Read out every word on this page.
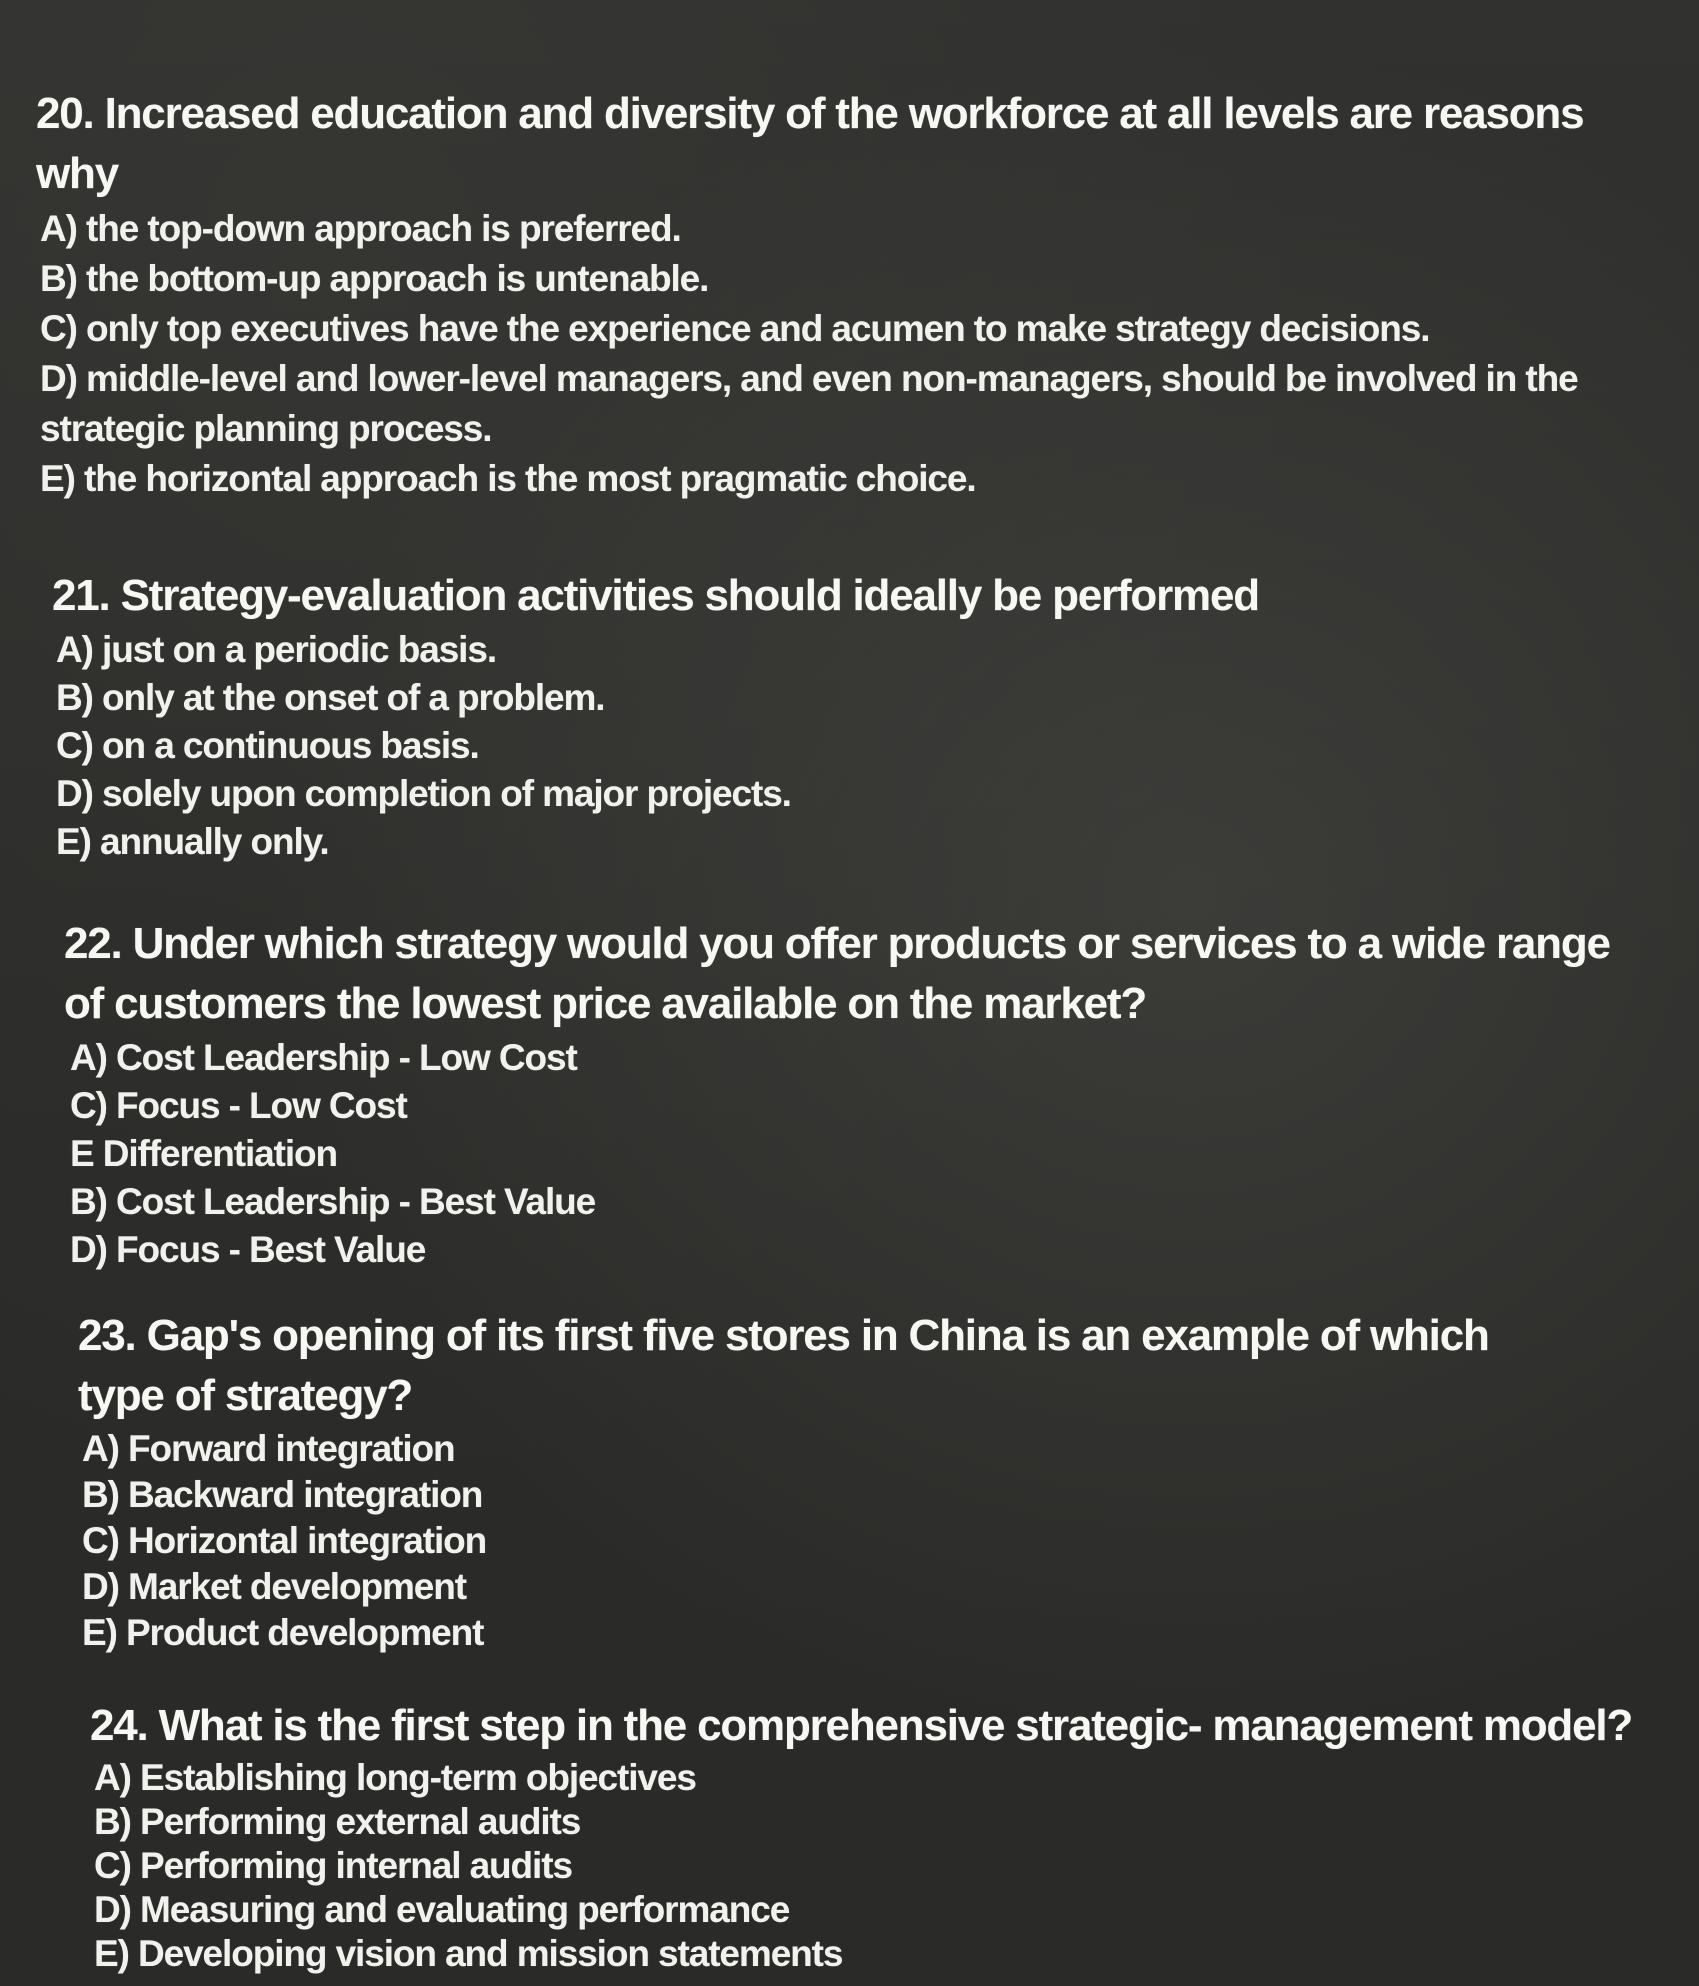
20. Increased education and diversity of the workforce at all levels are reasons why

A) the top-down approach is preferred.
B) the bottom-up approach is untenable.
C) only top executives have the experience and acumen to make strategy decisions.
D) middle-level and lower-level managers, and even non-managers, should be involved in the strategic planning process.
E) the horizontal approach is the most pragmatic choice.

21. Strategy-evaluation activities should ideally be performed

A) just on a periodic basis.
B) only at the onset of a problem.
C) on a continuous basis.
D) solely upon completion of major projects.
E) annually only.

22. Under which strategy would you offer products or services to a wide range of customers the lowest price available on the market?

A) Cost Leadership - Low Cost
C) Focus - Low Cost
E Differentiation
B) Cost Leadership - Best Value
D) Focus - Best Value

23. Gap's opening of its first five stores in China is an example of which type of strategy?

A) Forward integration
B) Backward integration
C) Horizontal integration
D) Market development
E) Product development

24. What is the first step in the comprehensive strategic- management model?

A) Establishing long-term objectives
B) Performing external audits
C) Performing internal audits
D) Measuring and evaluating performance
E) Developing vision and mission statements
